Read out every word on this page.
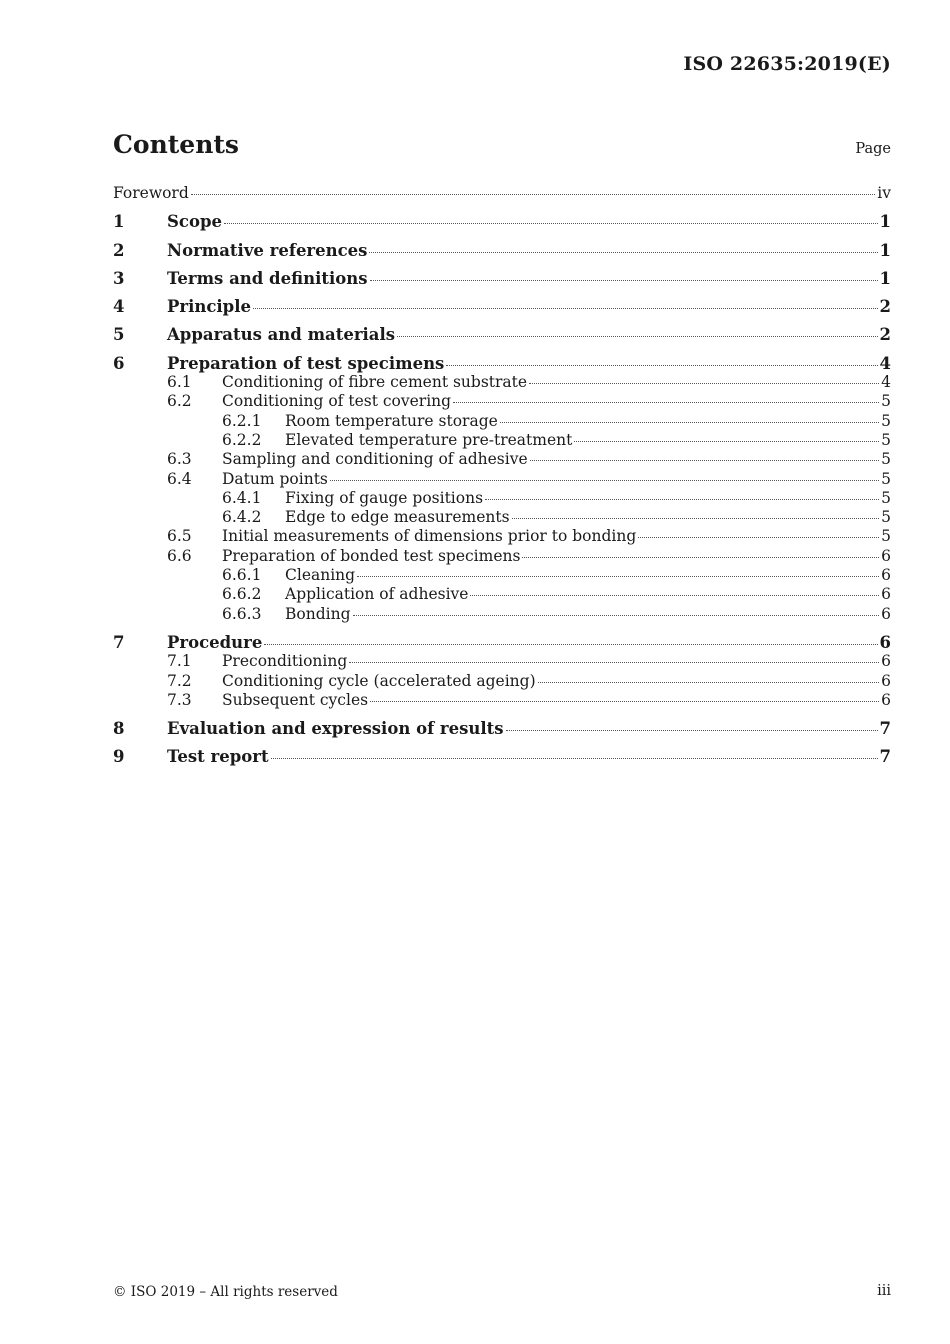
ISO 22635:2019(E)
Contents	Page
Foreword	iv
1	Scope	1
2	Normative references	1
3	Terms and definitions	1
4	Principle	2
5	Apparatus and materials	2
6	Preparation of test specimens	4
6.1	Conditioning of fibre cement substrate	4
6.2	Conditioning of test covering	5
6.2.1	Room temperature storage	5
6.2.2	Elevated temperature pre-treatment	5
6.3	Sampling and conditioning of adhesive	5
6.4	Datum points	5
6.4.1	Fixing of gauge positions	5
6.4.2	Edge to edge measurements	5
6.5	Initial measurements of dimensions prior to bonding	5
6.6	Preparation of bonded test specimens	6
6.6.1	Cleaning	6
6.6.2	Application of adhesive	6
6.6.3	Bonding	6
7	Procedure	6
7.1	Preconditioning	6
7.2	Conditioning cycle (accelerated ageing)	6
7.3	Subsequent cycles	6
8	Evaluation and expression of results	7
9	Test report	7
© ISO 2019 – All rights reserved	iii
